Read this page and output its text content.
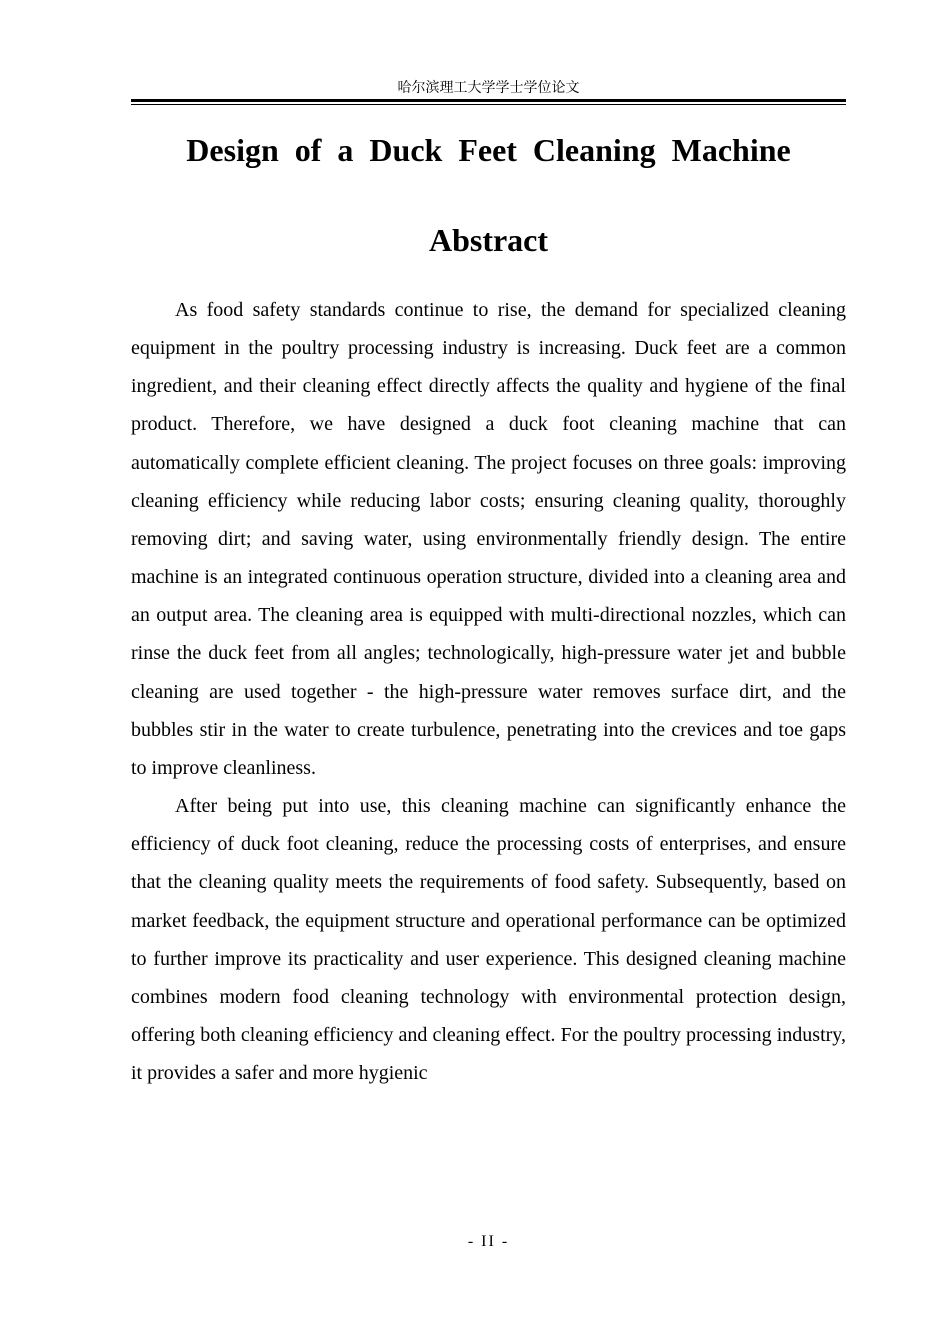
哈尔滨理工大学学士学位论文
Design of a Duck Feet Cleaning Machine
Abstract

As food safety standards continue to rise, the demand for specialized cleaning equipment in the poultry processing industry is increasing. Duck feet are a common ingredient, and their cleaning effect directly affects the quality and hygiene of the final product. Therefore, we have designed a duck foot cleaning machine that can automatically complete efficient cleaning. The project focuses on three goals: improving cleaning efficiency while reducing labor costs; ensuring cleaning quality, thoroughly removing dirt; and saving water, using environmentally friendly design. The entire machine is an integrated continuous operation structure, divided into a cleaning area and an output area. The cleaning area is equipped with multi-directional nozzles, which can rinse the duck feet from all angles; technologically, high-pressure water jet and bubble cleaning are used together - the high-pressure water removes surface dirt, and the bubbles stir in the water to create turbulence, penetrating into the crevices and toe gaps to improve cleanliness.

After being put into use, this cleaning machine can significantly enhance the efficiency of duck foot cleaning, reduce the processing costs of enterprises, and ensure that the cleaning quality meets the requirements of food safety. Subsequently, based on market feedback, the equipment structure and operational performance can be optimized to further improve its practicality and user experience. This designed cleaning machine combines modern food cleaning technology with environmental protection design, offering both cleaning efficiency and cleaning effect. For the poultry processing industry, it provides a safer and more hygienic

- II -
